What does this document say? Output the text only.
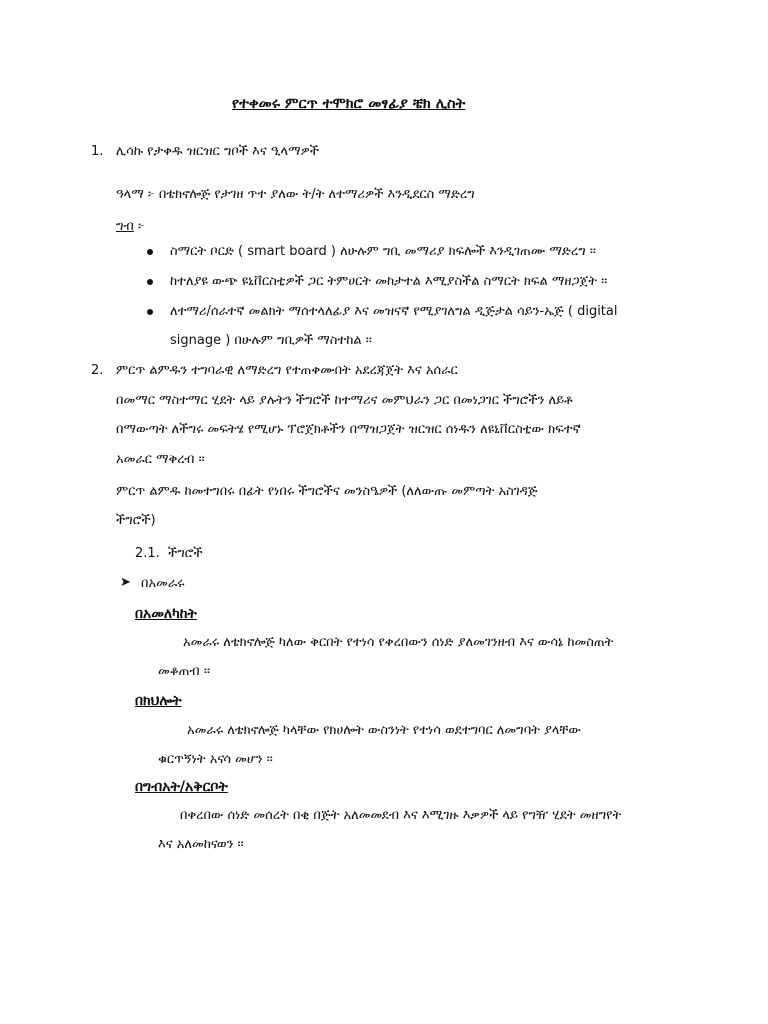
የተቀመሩ ምርጥ ተሞክሮ መፃፊያ ቼክ ሊስት
1. ሊሳኩ የታቀዱ ዝርዝር ግቦች እና ዒላማዎች
ዓላማ ፦ በቴክኖሎጅ የታገዘ ጥተ ያለው ት/ት ለተማሪዎች እንዲደርስ ማድረግ
ግብ ፦
ስማርት ቦርድ ( smart board ) ለሁሉም ግቢ መማሪያ ክፍሎች እንዲገጠሙ ማድረግ ፡፡
ከተለያዩ ውጭ ዩኒቨርስቲዎች ጋር ትምሀርት መከታተል እሚያስችል ስማርት ክፍል ማዘጋጀት ፡፡
ለተማሪ/ሰራተኛ መልክት ማሰተላለፊያ እና መዝናኛ የሚያገለግል ዲጅታል ሳይን-ኤጅ ( digital
signage ) በሁሉም ግቢዎች ማስተከል ፡፡
2. ምርጥ ልምዱን ተግባራዊ ለማድረግ የተጠቀሙበት አደረጃጀት እና አሰራር
በመማር ማስተማር ሂደት ላይ ያሉትን ችግሮች ከተማሪና መምህራን ጋር በመነጋገር ችግሮችን ለይቶ
በማውጣት ለችግሩ መፍትሄ የሚሆኑ ፕሮጀክቶችን በማዝጋጀት ዝርዝር ሰነዱን ለዩኒቨርስቲው ክፍተኛ
አመራር ማቅረብ ፡፡
ምርጥ ልምዱ ከመተግበሩ በፊት የነበሩ ችግሮችና መንስዔዎች (ለለውጡ መምጣት አስገዳጅ
ችግሮች)
2.1. ችግሮች
➤ በአመራሩ
በአመለካከት
አመራሩ ለቴክኖሎጅ ካለው ቅርበት የተነሳ የቀረበውን ሰነድ ያለመገንዘብ እና ውሳኔ ከመስጠት
መቆጠብ ፡፡
በክህሎት
አመራሩ ለቴክኖሎጅ ካላቸው የክሀሎት ውስንነት የተነሳ ወደተግባር ለመግባት ያላቸው
ቁርጥኝነት አናሳ መሆን ፡፡
በግብአት/አቅርቦት
በቀረበው ሰነድ መሰረት በቂ በጅት አለመመደብ እና እሚገዙ እቃዎች ላይ የግዥ ሂደት መዘግየት
እና አለመከናወን ፡፡
